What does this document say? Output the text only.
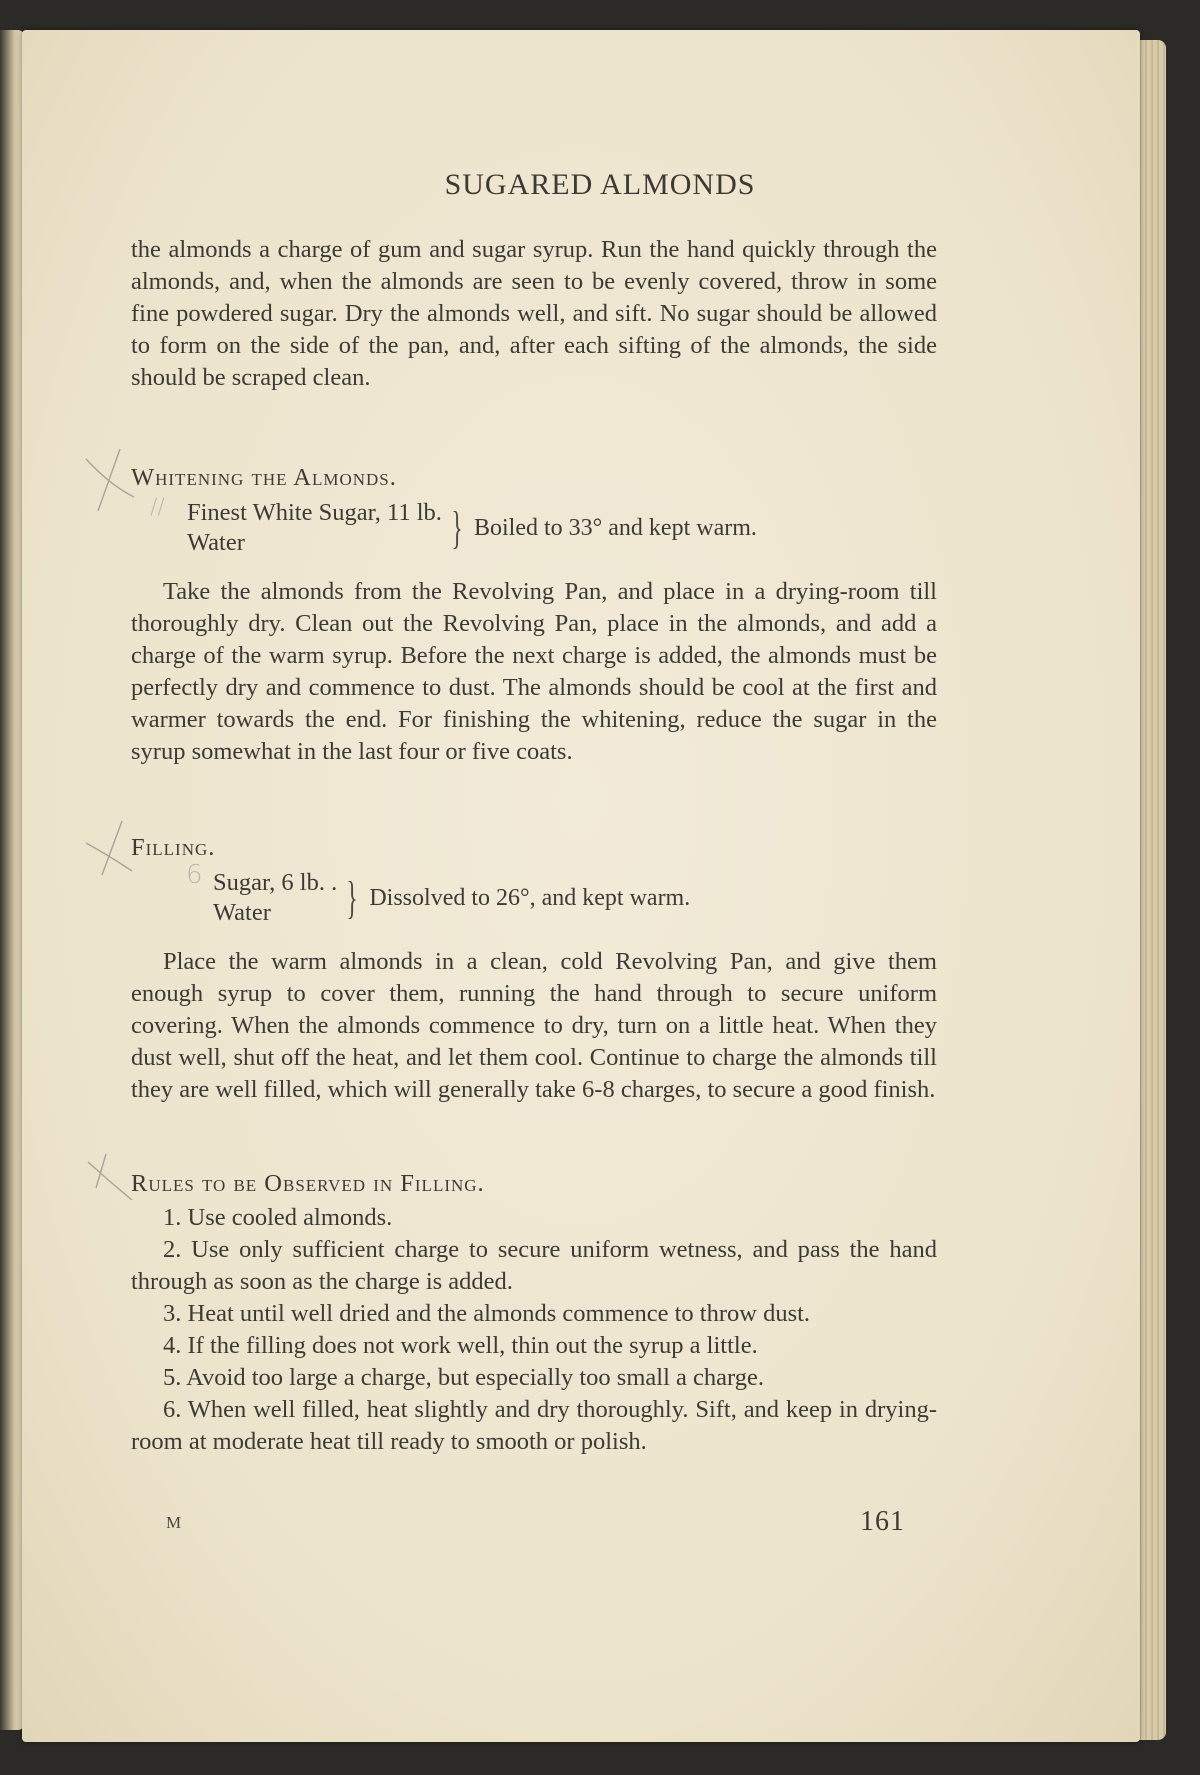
SUGARED ALMONDS
//
6

the almonds a charge of gum and sugar syrup. Run the hand quickly through the almonds, and, when the almonds are seen to be evenly covered, throw in some fine powdered sugar. Dry the almonds well, and sift. No sugar should be allowed to form on the side of the pan, and, after each sifting of the almonds, the side should be scraped clean.

Whitening the Almonds.

Finest White Sugar, 11 lb.
Water	} Boiled to 33° and kept warm.

Take the almonds from the Revolving Pan, and place in a drying-room till thoroughly dry. Clean out the Revolving Pan, place in the almonds, and add a charge of the warm syrup. Before the next charge is added, the almonds must be perfectly dry and commence to dust. The almonds should be cool at the first and warmer towards the end. For finishing the whitening, reduce the sugar in the syrup somewhat in the last four or five coats.

Filling.

Sugar, 6 lb. .
Water	} Dissolved to 26°, and kept warm.

Place the warm almonds in a clean, cold Revolving Pan, and give them enough syrup to cover them, running the hand through to secure uniform covering. When the almonds commence to dry, turn on a little heat. When they dust well, shut off the heat, and let them cool. Continue to charge the almonds till they are well filled, which will generally take 6-8 charges, to secure a good finish.

Rules to be Observed in Filling.

1. Use cooled almonds.

2. Use only sufficient charge to secure uniform wetness, and pass the hand through as soon as the charge is added.

3. Heat until well dried and the almonds commence to throw dust.

4. If the filling does not work well, thin out the syrup a little.

5. Avoid too large a charge, but especially too small a charge.

6. When well filled, heat slightly and dry thoroughly. Sift, and keep in drying-room at moderate heat till ready to smooth or polish.

M	161
